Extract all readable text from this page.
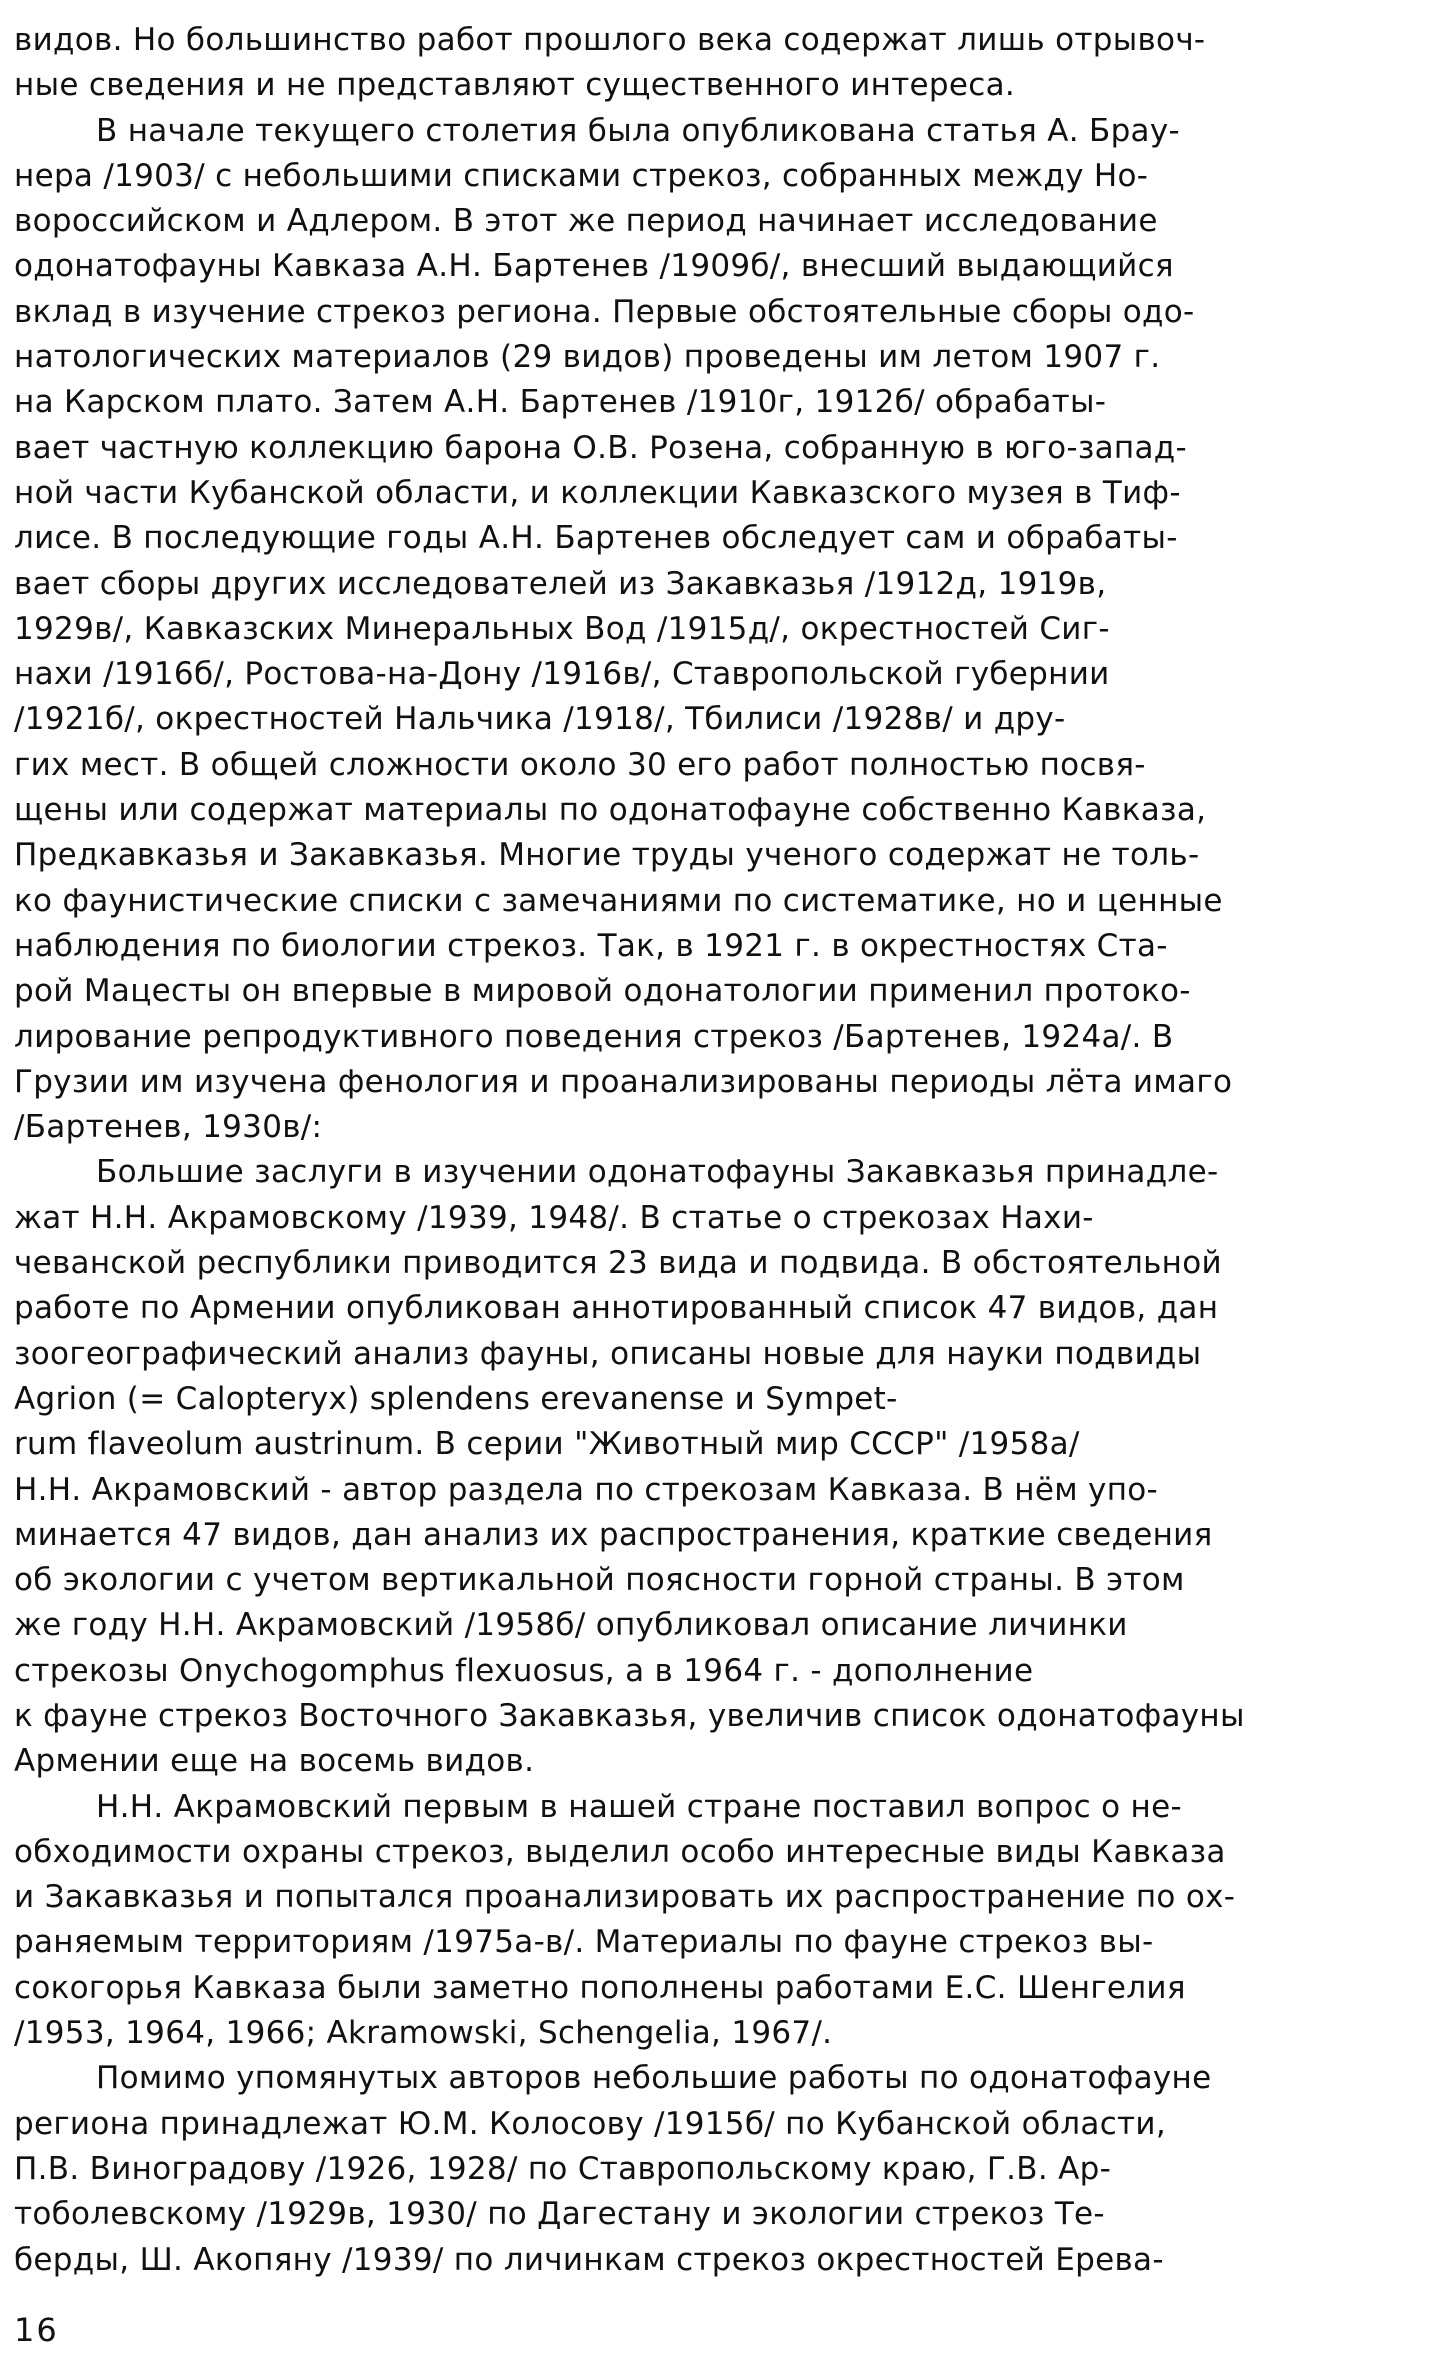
видов. Но большинство работ прошлого века содержат лишь отрывоч-
ные сведения и не представляют существенного интереса.
В начале текущего столетия была опубликована статья А. Брау-
нера /1903/ с небольшими списками стрекоз, собранных между Но-
вороссийском и Адлером. В этот же период начинает исследование
одонатофауны Кавказа А.Н. Бартенев /1909б/, внесший выдающийся
вклад в изучение стрекоз региона. Первые обстоятельные сборы одо-
натологических материалов (29 видов) проведены им летом 1907 г.
на Карском плато. Затем А.Н. Бартенев /1910г, 1912б/ обрабаты-
вает частную коллекцию барона О.В. Розена, собранную в юго-запад-
ной части Кубанской области, и коллекции Кавказского музея в Тиф-
лисе. В последующие годы А.Н. Бартенев обследует сам и обрабаты-
вает сборы других исследователей из Закавказья /1912д, 1919в,
1929в/, Кавказских Минеральных Вод /1915д/, окрестностей Сиг-
нахи /1916б/, Ростова-на-Дону /1916в/, Ставропольской губернии
/1921б/, окрестностей Нальчика /1918/, Тбилиси /1928в/ и дру-
гих мест. В общей сложности около 30 его работ полностью посвя-
щены или содержат материалы по одонатофауне собственно Кавказа,
Предкавказья и Закавказья. Многие труды ученого содержат не толь-
ко фаунистические списки с замечаниями по систематике, но и ценные
наблюдения по биологии стрекоз. Так, в 1921 г. в окрестностях Ста-
рой Мацесты он впервые в мировой одонатологии применил протоко-
лирование репродуктивного поведения стрекоз /Бартенев, 1924а/. В
Грузии им изучена фенология и проанализированы периоды лёта имаго
/Бартенев, 1930в/:
Большие заслуги в изучении одонатофауны Закавказья принадле-
жат Н.Н. Акрамовскому /1939, 1948/. В статье о стрекозах Нахи-
чеванской республики приводится 23 вида и подвида. В обстоятельной
работе по Армении опубликован аннотированный список 47 видов, дан
зоогеографический анализ фауны, описаны новые для науки подвиды
Agrion (= Calopteryx) splendens erevanense и Sympet-
rum flaveolum austrinum. В серии "Животный мир СССР" /1958а/
Н.Н. Акрамовский - автор раздела по стрекозам Кавказа. В нём упо-
минается 47 видов, дан анализ их распространения, краткие сведения
об экологии с учетом вертикальной поясности горной страны. В этом
же году Н.Н. Акрамовский /1958б/ опубликовал описание личинки
стрекозы Onychogomphus flexuosus, а в 1964 г. - дополнение
к фауне стрекоз Восточного Закавказья, увеличив список одонатофауны
Армении еще на восемь видов.
Н.Н. Акрамовский первым в нашей стране поставил вопрос о не-
обходимости охраны стрекоз, выделил особо интересные виды Кавказа
и Закавказья и попытался проанализировать их распространение по ох-
раняемым территориям /1975а-в/. Материалы по фауне стрекоз вы-
сокогорья Кавказа были заметно пополнены работами Е.С. Шенгелия
/1953, 1964, 1966; Akramowski, Schengelia, 1967/.
Помимо упомянутых авторов небольшие работы по одонатофауне
региона принадлежат Ю.М. Колосову /1915б/ по Кубанской области,
П.В. Виноградову /1926, 1928/ по Ставропольскому краю, Г.В. Ар-
тоболевскому /1929в, 1930/ по Дагестану и экологии стрекоз Те-
берды, Ш. Акопяну /1939/ по личинкам стрекоз окрестностей Ерева-
16
